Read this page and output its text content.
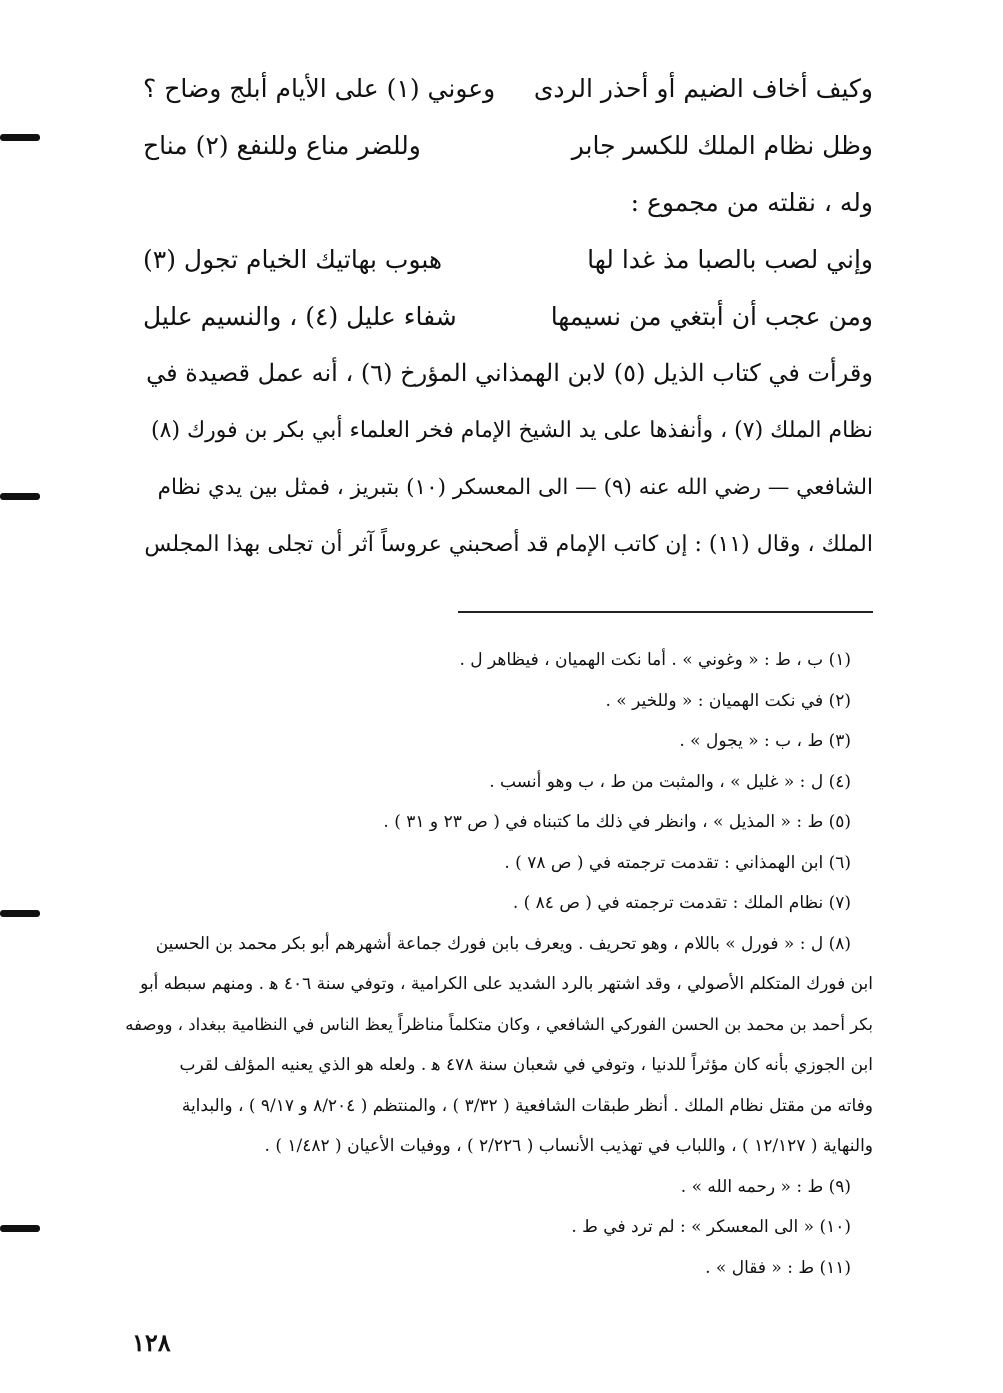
وكيف أخاف الضيم أو أحذر الردى
وعوني (١) على الأيام أبلج وضاح ؟
وظل نظام الملك للكسر جابر
وللضر مناع وللنفع (٢) مناح
وله ، نقلته من مجموع :
وإني لصب بالصبا مذ غدا لها
هبوب بهاتيك الخيام تجول (٣)
ومن عجب أن أبتغي من نسيمها
شفاء عليل (٤) ، والنسيم عليل
وقرأت في كتاب الذيل (٥) لابن الهمذاني المؤرخ (٦) ، أنه عمل قصيدة في
نظام الملك (٧) ، وأنفذها على يد الشيخ الإمام فخر العلماء أبي بكر بن فورك (٨)
الشافعي — رضي الله عنه (٩) — الى المعسكر (١٠) بتبريز ، فمثل بين يدي نظام
الملك ، وقال (١١) : إن كاتب الإمام قد أصحبني عروساً آثر أن تجلى بهذا المجلس
(١) ب ، ط : « وغوني » . أما نكت الهميان ، فيظاهر ل .
(٢) في نكت الهميان : « وللخير » .
(٣) ط ، ب : « يجول » .
(٤) ل : « غليل » ، والمثبت من ط ، ب وهو أنسب .
(٥) ط : « المذيل » ، وانظر في ذلك ما كتبناه في ( ص ٢٣ و ٣١ ) .
(٦) ابن الهمذاني : تقدمت ترجمته في ( ص ٧٨ ) .
(٧) نظام الملك : تقدمت ترجمته في ( ص ٨٤ ) .
(٨) ل : « فورل » باللام ، وهو تحريف . ويعرف بابن فورك جماعة أشهرهم أبو بكر محمد بن الحسين
ابن فورك المتكلم الأصولي ، وقد اشتهر بالرد الشديد على الكرامية ، وتوفي سنة ٤٠٦ ﻫ . ومنهم سبطه أبو
بكر أحمد بن محمد بن الحسن الفوركي الشافعي ، وكان متكلماً مناظراً يعظ الناس في النظامية ببغداد ، ووصفه
ابن الجوزي بأنه كان مؤثراً للدنيا ، وتوفي في شعبان سنة ٤٧٨ ﻫ . ولعله هو الذي يعنيه المؤلف لقرب
وفاته من مقتل نظام الملك . أنظر طبقات الشافعية ( ٣/٣٢ ) ، والمنتظم ( ٨/٢٠٤ و ٩/١٧ ) ، والبداية
والنهاية ( ١٢/١٢٧ ) ، واللباب في تهذيب الأنساب ( ٢/٢٢٦ ) ، ووفيات الأعيان ( ١/٤٨٢ ) .
(٩) ط : « رحمه الله » .
(١٠) « الى المعسكر » : لم ترد في ط .
(١١) ط : « فقال » .
١٢٨
